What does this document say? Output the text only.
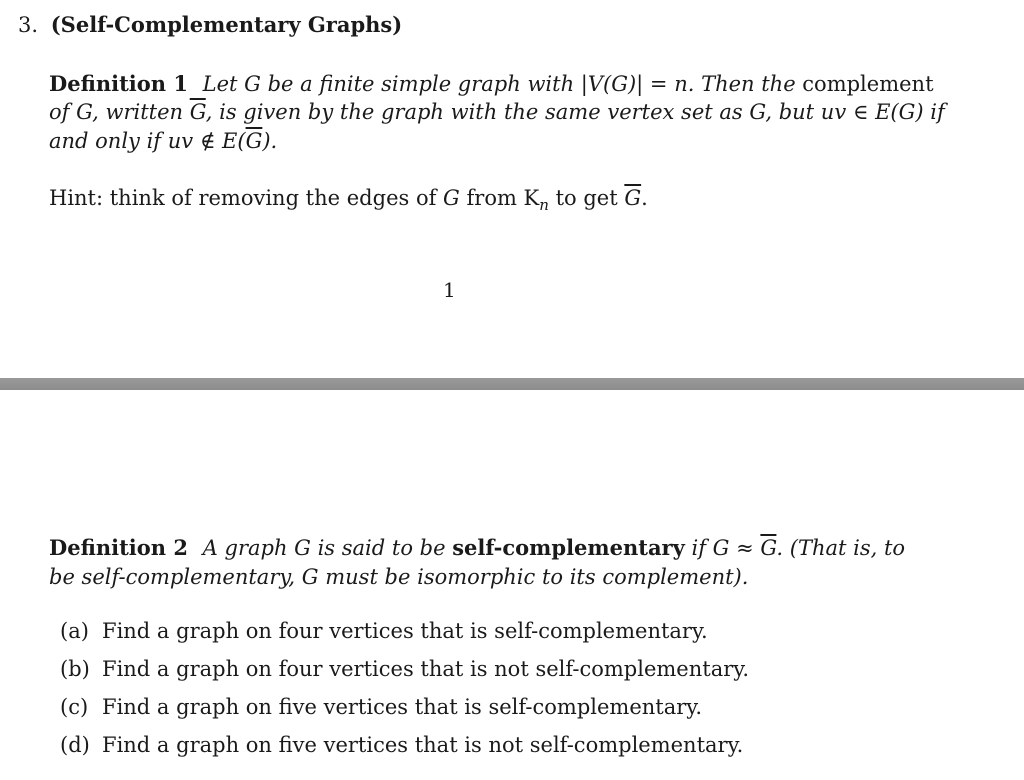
3. (Self-Complementary Graphs)
Definition 1 Let G be a finite simple graph with |V(G)| = n. Then the complement
of G, written $\overline{G}$, is given by the graph with the same vertex set as G, but uv ∈ E(G) if
and only if uv ∉ $E(\overline{G})$.
Hint: think of removing the edges of G from $K_n$ to get $\overline{G}$.
1
Definition 2 A graph G is said to be self-complementary if $G \approx \overline{G}$. (That is, to
be self-complementary, G must be isomorphic to its complement).
(a) Find a graph on four vertices that is self-complementary.
(b) Find a graph on four vertices that is not self-complementary.
(c) Find a graph on five vertices that is self-complementary.
(d) Find a graph on five vertices that is not self-complementary.
